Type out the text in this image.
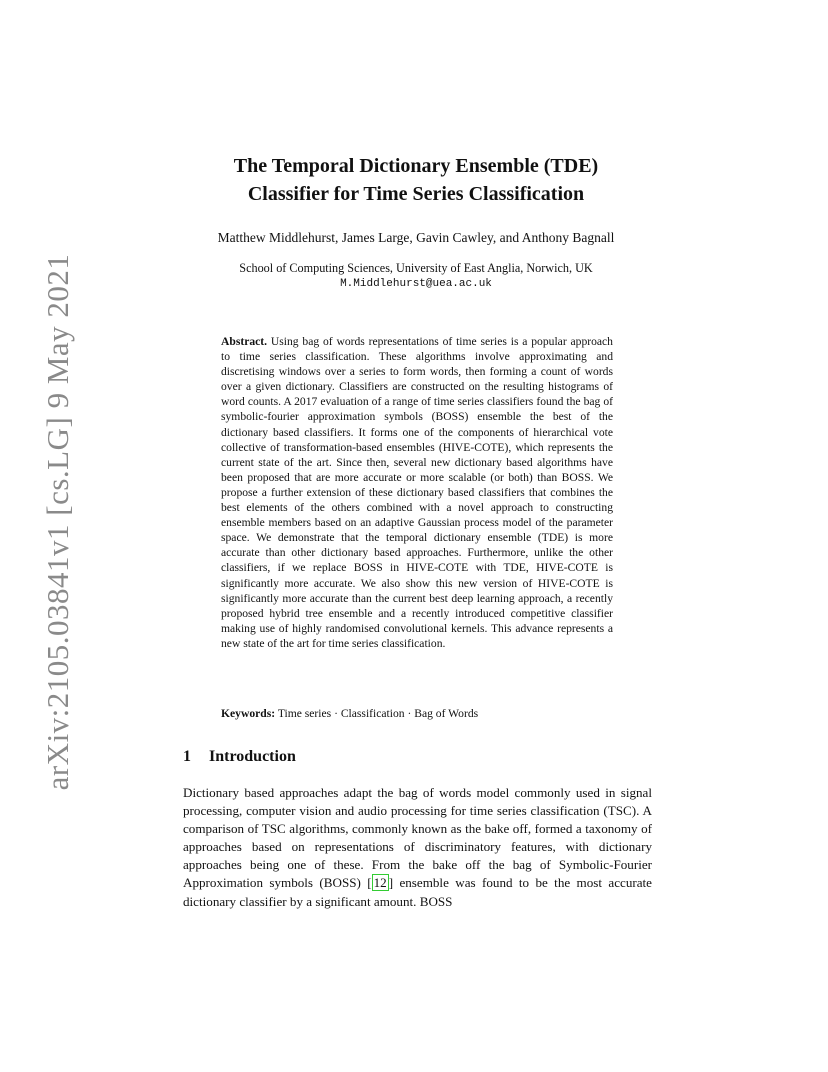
arXiv:2105.03841v1 [cs.LG] 9 May 2021
The Temporal Dictionary Ensemble (TDE)
Classifier for Time Series Classification
Matthew Middlehurst, James Large, Gavin Cawley, and Anthony Bagnall
School of Computing Sciences, University of East Anglia, Norwich, UK
M.Middlehurst@uea.ac.uk

Abstract. Using bag of words representations of time series is a popular approach to time series classification. These algorithms involve approximating and discretising windows over a series to form words, then forming a count of words over a given dictionary. Classifiers are constructed on the resulting histograms of word counts. A 2017 evaluation of a range of time series classifiers found the bag of symbolic-fourier approximation symbols (BOSS) ensemble the best of the dictionary based classifiers. It forms one of the components of hierarchical vote collective of transformation-based ensembles (HIVE-COTE), which represents the current state of the art. Since then, several new dictionary based algorithms have been proposed that are more accurate or more scalable (or both) than BOSS. We propose a further extension of these dictionary based classifiers that combines the best elements of the others combined with a novel approach to constructing ensemble members based on an adaptive Gaussian process model of the parameter space. We demonstrate that the temporal dictionary ensemble (TDE) is more accurate than other dictionary based approaches. Furthermore, unlike the other classifiers, if we replace BOSS in HIVE-COTE with TDE, HIVE-COTE is significantly more accurate. We also show this new version of HIVE-COTE is significantly more accurate than the current best deep learning approach, a recently proposed hybrid tree ensemble and a recently introduced competitive classifier making use of highly randomised convolutional kernels. This advance represents a new state of the art for time series classification.

Keywords: Time series · Classification · Bag of Words
1 Introduction

Dictionary based approaches adapt the bag of words model commonly used in signal processing, computer vision and audio processing for time series classification (TSC). A comparison of TSC algorithms, commonly known as the bake off, formed a taxonomy of approaches based on representations of discriminatory features, with dictionary approaches being one of these. From the bake off the bag of Symbolic-Fourier Approximation symbols (BOSS) [ 12 ] ensemble was found to be the most accurate dictionary classifier by a significant amount. BOSS
